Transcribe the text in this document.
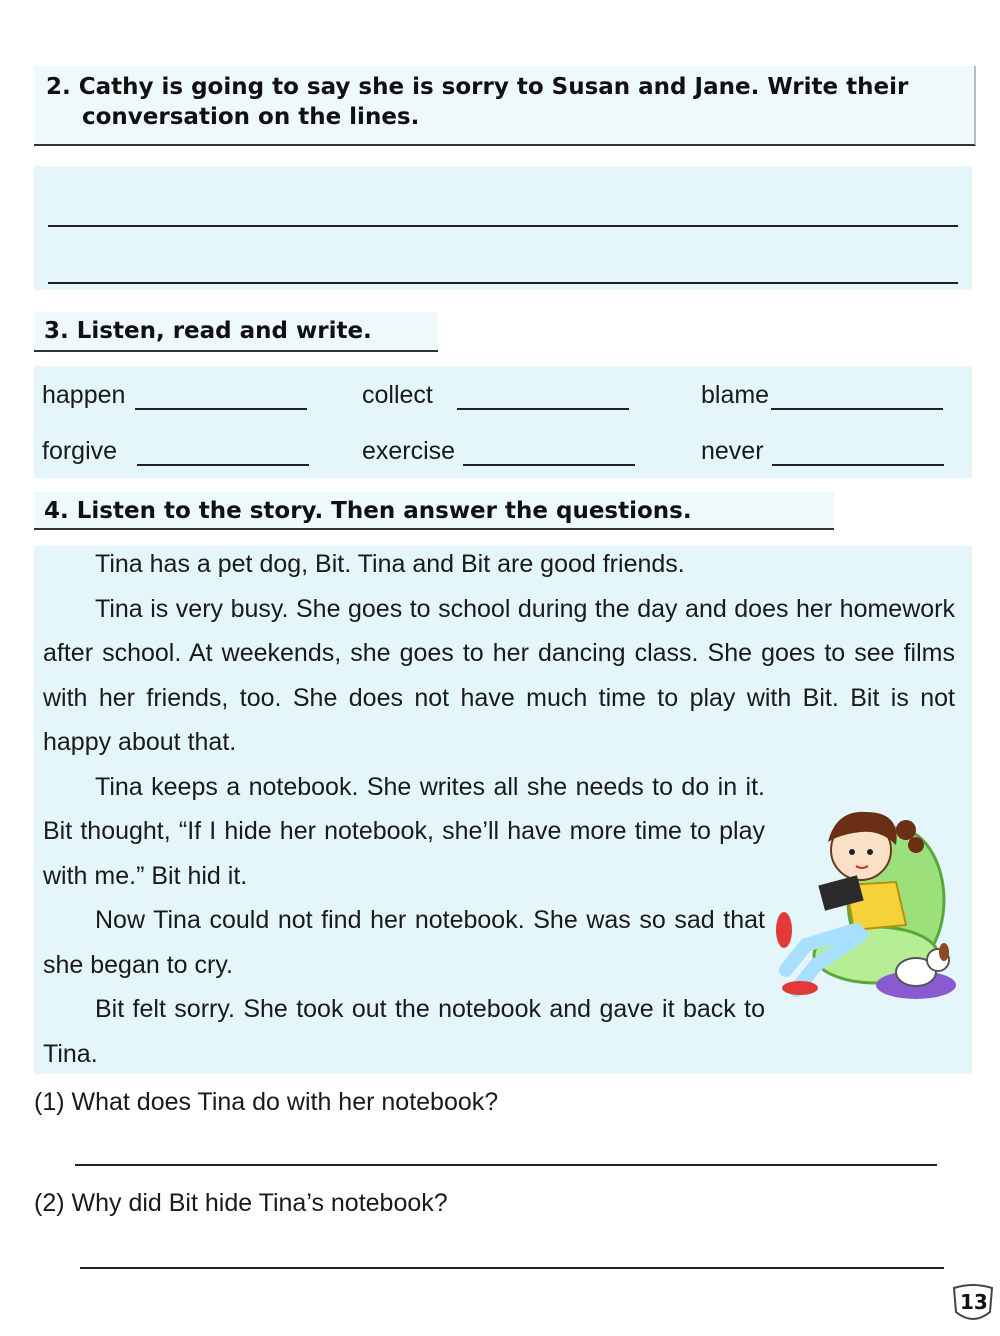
2. Cathy is going to say she is sorry to Susan and Jane. Write their
conversation on the lines.
3. Listen, read and write.
happen	collect	blame
forgive	exercise	never
4. Listen to the story. Then answer the questions.

Tina has a pet dog, Bit. Tina and Bit are good friends.

Tina is very busy. She goes to school during the day and does her homework after school. At weekends, she goes to her dancing class. She goes to see films with her friends, too. She does not have much time to play with Bit. Bit is not happy about that.

Tina keeps a notebook. She writes all she needs to do in it. Bit thought, “If I hide her notebook, she’ll have more time to play with me.” Bit hid it.

Now Tina could not find her notebook. She was so sad that she began to cry.

Bit felt sorry. She took out the notebook and gave it back to Tina.

(1) What does Tina do with her notebook?
(2) Why did Bit hide Tina’s notebook?
13
